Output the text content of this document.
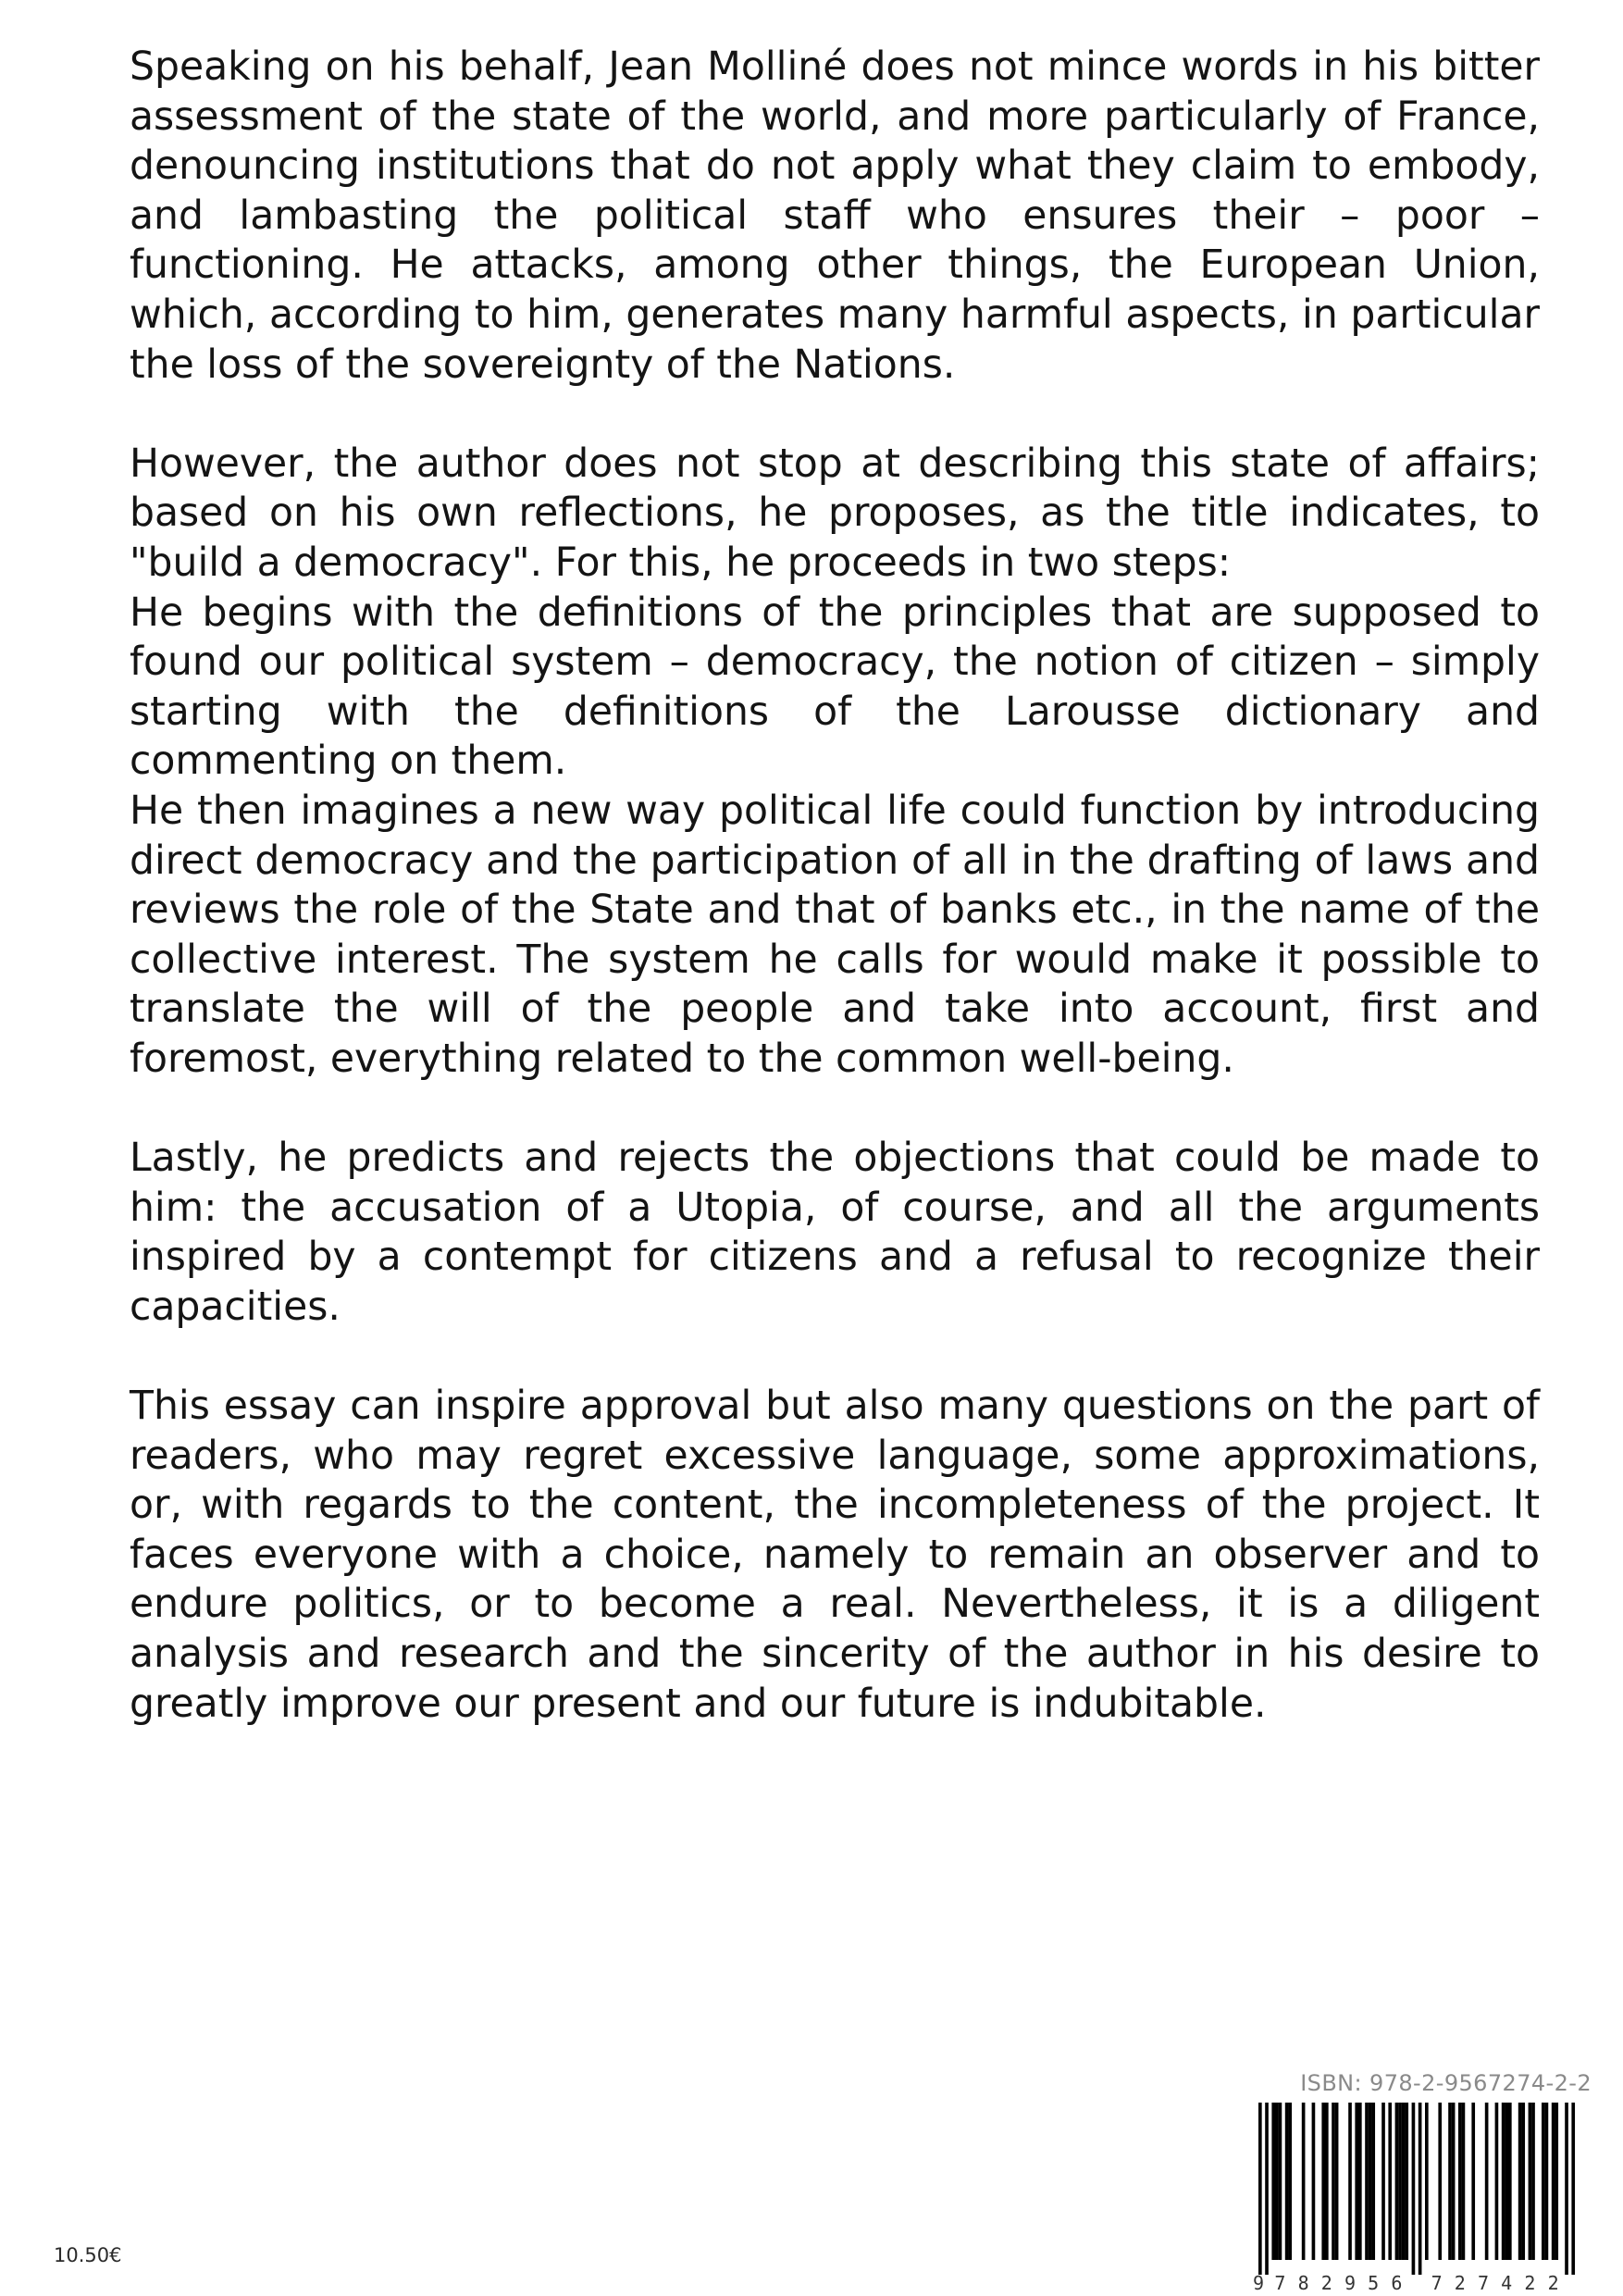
Speaking on his behalf, Jean Molliné does not mince words in his bitter assessment of the state of the world, and more particularly of France, denouncing institutions that do not apply what they claim to embody, and lambasting the political staff who ensures their – poor – functioning. He attacks, among other things, the European Union, which, according to him, generates many harmful aspects, in particular the loss of the sovereignty of the Nations.

However, the author does not stop at describing this state of affairs; based on his own reflections, he proposes, as the title indicates, to "build a democracy". For this, he proceeds in two steps:

He begins with the definitions of the principles that are supposed to found our political system – democracy, the notion of citizen – simply starting with the definitions of the Larousse dictionary and commenting on them.

He then imagines a new way political life could function by introducing direct democracy and the participation of all in the drafting of laws and reviews the role of the State and that of banks etc., in the name of the collective interest. The system he calls for would make it possible to translate the will of the people and take into account, first and foremost, everything related to the common well-being.

Lastly, he predicts and rejects the objections that could be made to him: the accusation of a Utopia, of course, and all the arguments inspired by a contempt for citizens and a refusal to recognize their capacities.

This essay can inspire approval but also many questions on the part of readers, who may regret excessive language, some approximations, or, with regards to the content, the incompleteness of the project. It faces everyone with a choice, namely to remain an observer and to endure politics, or to become a real. Nevertheless, it is a diligent analysis and research and the sincerity of the author in his desire to greatly improve our present and our future is indubitable.

10.50€
ISBN: 978-2-9567274-2-2
9 7 8 2 9 5 6 7 2 7 4 2 2
